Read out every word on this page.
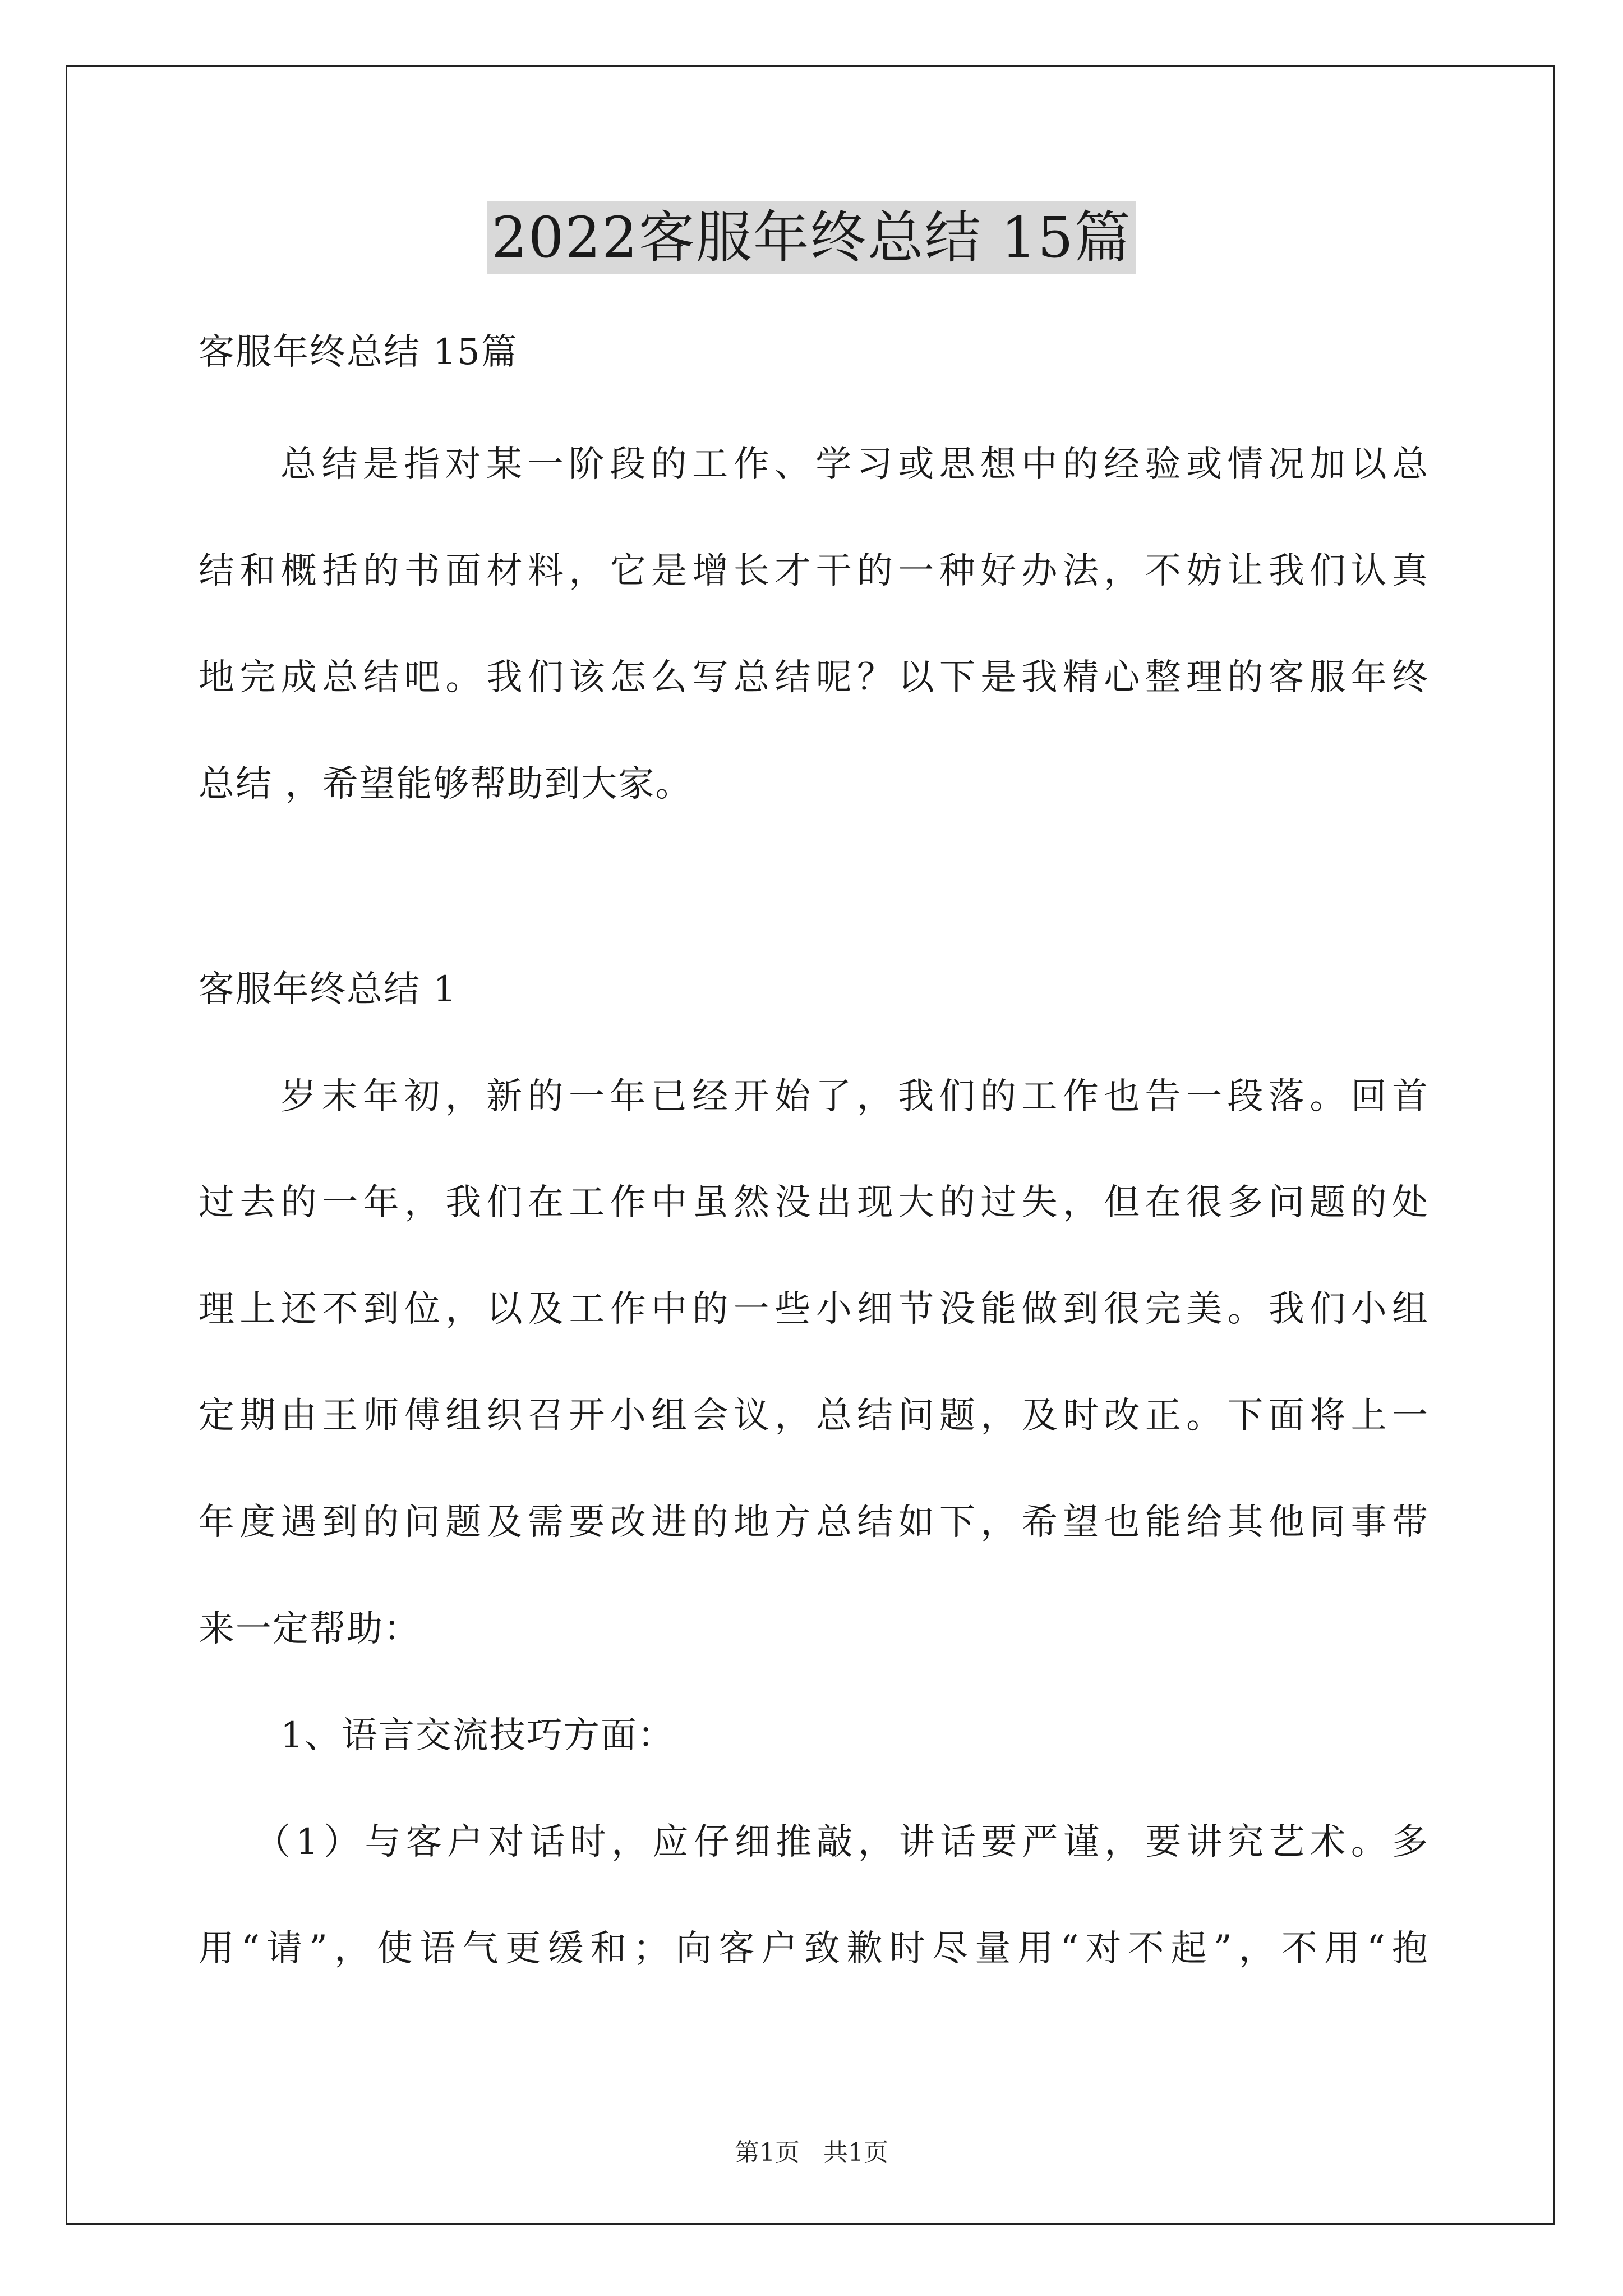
2022客服年终总结 15篇
客服年终总结 15篇
总结是指对某一阶段的工作、学习或思想中的经验或情况加以总
结和概括的书面材料，它是增长才干的一种好办法，不妨让我们认真
地完成总结吧。我们该怎么写总结呢？以下是我精心整理的客服年终
总结 ，希望能够帮助到大家。
客服年终总结 1
岁末年初，新的一年已经开始了，我们的工作也告一段落。回首
过去的一年，我们在工作中虽然没出现大的过失，但在很多问题的处
理上还不到位，以及工作中的一些小细节没能做到很完美。我们小组
定期由王师傅组织召开小组会议，总结问题，及时改正。下面将上一
年度遇到的问题及需要改进的地方总结如下，希望也能给其他同事带
来一定帮助：
1、语言交流技巧方面：
（1）与客户对话时，应仔细推敲，讲话要严谨，要讲究艺术。多
用“请”，使语气更缓和；向客户致歉时尽量用“对不起”，不用“抱
第1页 共1页
